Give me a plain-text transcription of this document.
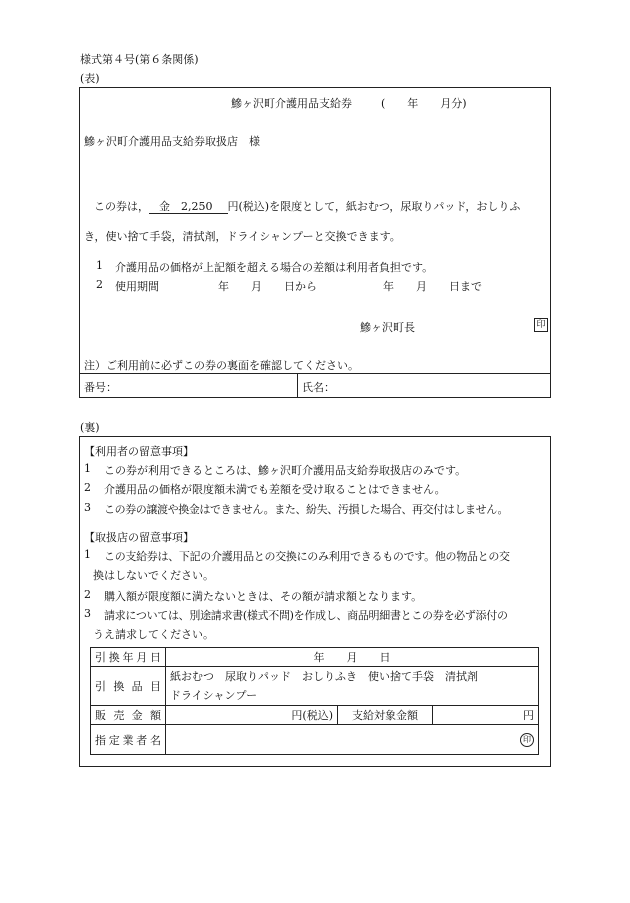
様式第４号(第６条関係)
(表)
鰺ヶ沢町介護用品支給券	(　　年　　月分)
鰺ヶ沢町介護用品支給券取扱店　様
この券は， 金　2,250　円(税込)を限度として，紙おむつ，尿取りパッド，おしりふ
き，使い捨て手袋，清拭剤，ドライシャンプーと交換できます。
1 介護用品の価格が上記額を超える場合の差額は利用者負担です。
2 使用期間	年　　月　　日から	年　　月　　日まで
鰺ヶ沢町長	印
注）ご利用前に必ずこの券の裏面を確認してください。
番号：	氏名：
(裏)
【利用者の留意事項】
1 この券が利用できるところは、鰺ヶ沢町介護用品支給券取扱店のみです。
2 介護用品の価格が限度額未満でも差額を受け取ることはできません。
3 この券の譲渡や換金はできません。また、紛失、汚損した場合、再交付はしません。
【取扱店の留意事項】
1 この支給券は、下記の介護用品との交換にのみ利用できるものです。他の物品との交
換はしないでください。
2 購入額が限度額に満たないときは、その額が請求額となります。
3 請求については、別途請求書(様式不問)を作成し、商品明細書とこの券を必ず添付の
うえ請求してください。
引換年月日	年　　月　　日		

引換品目	紙おむつ　尿取りパッド　おしりふき　使い捨て手袋　清拭剤
ドライシャンプー		

販売金額	円(税込)	支給対象金額	円

指定業者名	印		
